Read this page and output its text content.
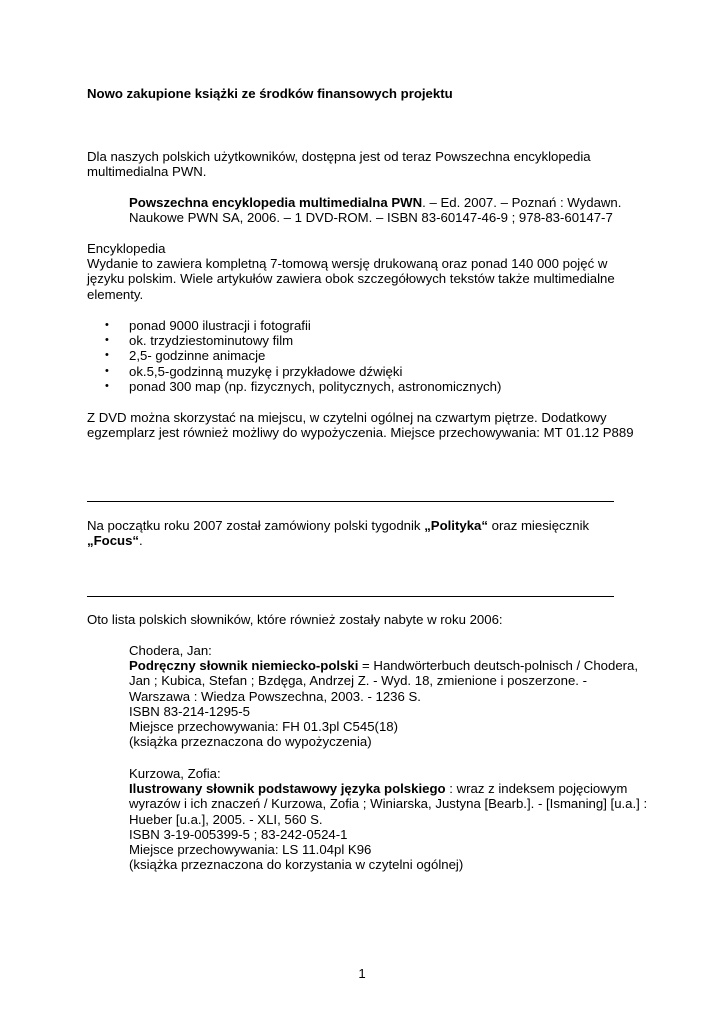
Nowo zakupione książki ze środków finansowych projektu

Dla naszych polskich użytkowników, dostępna jest od teraz Powszechna encyklopedia multimedialna PWN.

Powszechna encyklopedia multimedialna PWN. – Ed. 2007. – Poznań : Wydawn. Naukowe PWN SA, 2006. – 1 DVD-ROM. – ISBN 83-60147-46-9 ; 978-83-60147-7

Encyklopedia

Wydanie to zawiera kompletną 7-tomową wersję drukowaną oraz ponad 140 000 pojęć w języku polskim. Wiele artykułów zawiera obok szczegółowych tekstów także multimedialne elementy.

• ponad 9000 ilustracji i fotografii
• ok. trzydziestominutowy film
• 2,5- godzinne animacje
• ok.5,5-godzinną muzykę i przykładowe dźwięki
• ponad 300 map (np. fizycznych, politycznych, astronomicznych)

Z DVD można skorzystać na miejscu, w czytelni ogólnej na czwartym piętrze. Dodatkowy egzemplarz jest również możliwy do wypożyczenia. Miejsce przechowywania: MT 01.12 P889

Na początku roku 2007 został zamówiony polski tygodnik „Polityka“ oraz miesięcznik
„Focus“.

Oto lista polskich słowników, które również zostały nabyte w roku 2006:

Chodera, Jan:

Podręczny słownik niemiecko-polski = Handwörterbuch deutsch-polnisch / Chodera, Jan ; Kubica, Stefan ; Bzdęga, Andrzej Z. - Wyd. 18, zmienione i poszerzone. - Warszawa : Wiedza Powszechna, 2003. - 1236 S.

ISBN 83-214-1295-5

Miejsce przechowywania: FH 01.3pl C545(18)

(książka przeznaczona do wypożyczenia)

Kurzowa, Zofia:

Ilustrowany słownik podstawowy języka polskiego : wraz z indeksem pojęciowym wyrazów i ich znaczeń / Kurzowa, Zofia ; Winiarska, Justyna [Bearb.]. - [Ismaning] [u.a.] : Hueber [u.a.], 2005. - XLI, 560 S.

ISBN 3-19-005399-5 ; 83-242-0524-1

Miejsce przechowywania: LS 11.04pl K96

(książka przeznaczona do korzystania w czytelni ogólnej)

1
